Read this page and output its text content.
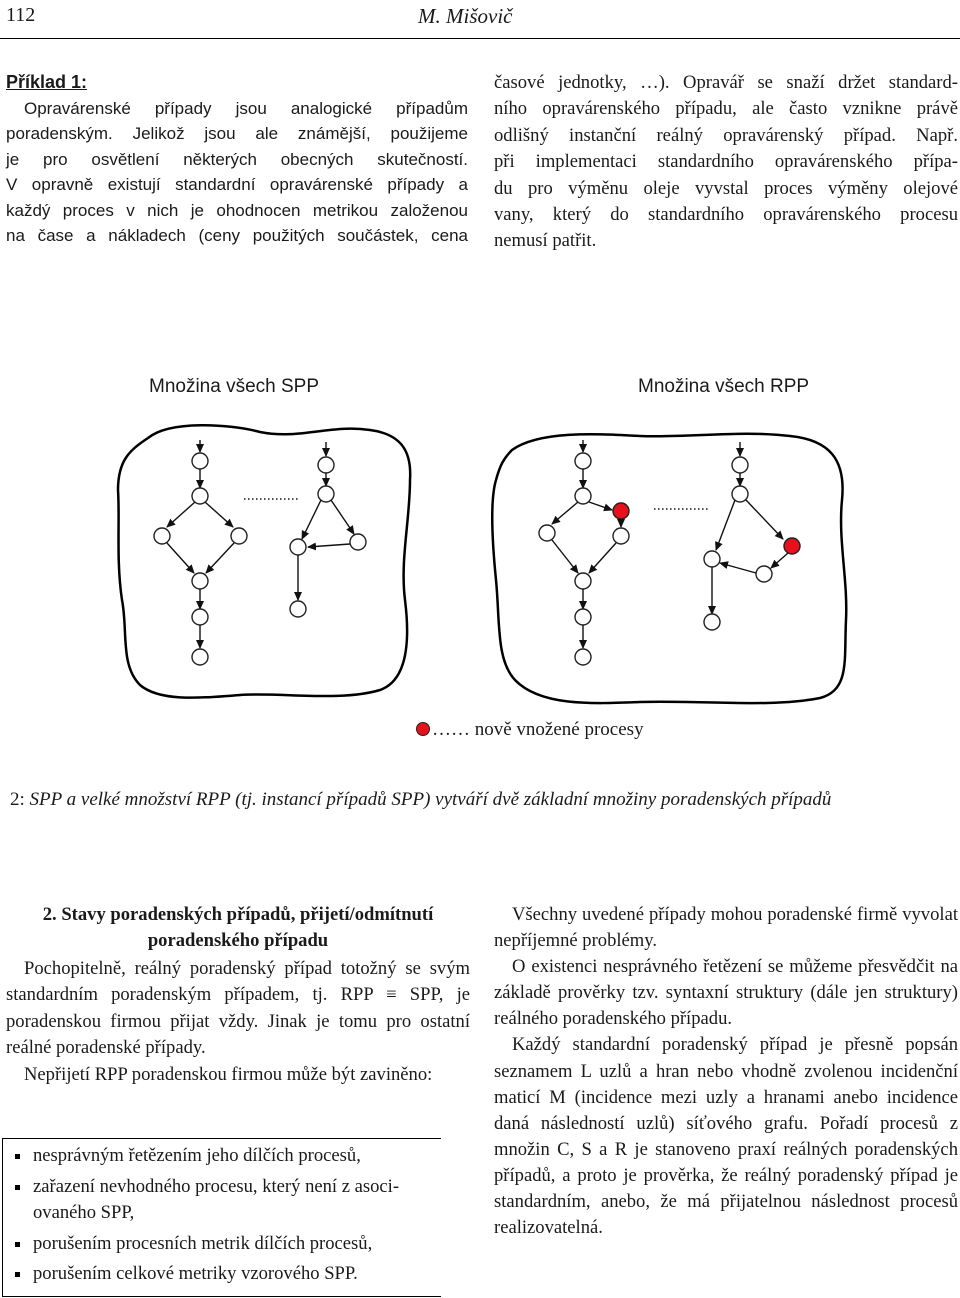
112	M. Mišovič
Příklad 1:
Opravárenské případy jsou analogické případům
poradenským. Jelikož jsou ale známější, použijeme
je pro osvětlení některých obecných skutečností.
V opravně existují standardní opravárenské případy a
každý proces v nich je ohodnocen metrikou založenou
na čase a nákladech (ceny použitých součástek, cena
časové jednotky, …). Opravář se snaží držet standard-
ního opravárenského případu, ale často vznikne právě
odlišný instanční reálný opravárenský případ. Např.
při implementaci standardního opravárenského přípa-
du pro výměnu oleje vyvstal proces výměny olejové
vany, který do standardního opravárenského procesu
nemusí patřit.
Množina všech SPP	Množina všech RPP
…… nově vnožené procesy
2: SPP a velké množství RPP (tj. instancí případů SPP) vytváří dvě základní množiny poradenských případů

2. Stavy poradenských případů, přijetí/odmítnutí

poradenského případu

Pochopitelně, reálný poradenský případ totožný se svým standardním poradenským případem, tj. RPP ≡ SPP, je poradenskou firmou přijat vždy. Jinak je tomu pro ostatní reálné poradenské případy.

Nepřijetí RPP poradenskou firmou může být zaviněno:

nesprávným řetězením jeho dílčích procesů,
zařazení nevhodného procesu, který není z asoci-ovaného SPP,
porušením procesních metrik dílčích procesů,
porušením celkové metriky vzorového SPP.

Všechny uvedené případy mohou poradenské firmě vyvolat nepříjemné problémy.

O existenci nesprávného řetězení se můžeme přesvědčit na základě prověrky tzv. syntaxní struktury (dále jen struktury) reálného poradenského případu.

Každý standardní poradenský případ je přesně popsán seznamem L uzlů a hran nebo vhodně zvolenou incidenční maticí M (incidence mezi uzly a hranami anebo incidence daná následností uzlů) síťového grafu. Pořadí procesů z množin C, S a R je stanoveno praxí reálných poradenských případů, a proto je prověrka, že reálný poradenský případ je standardním, anebo, že má přijatelnou následnost procesů realizovatelná.
